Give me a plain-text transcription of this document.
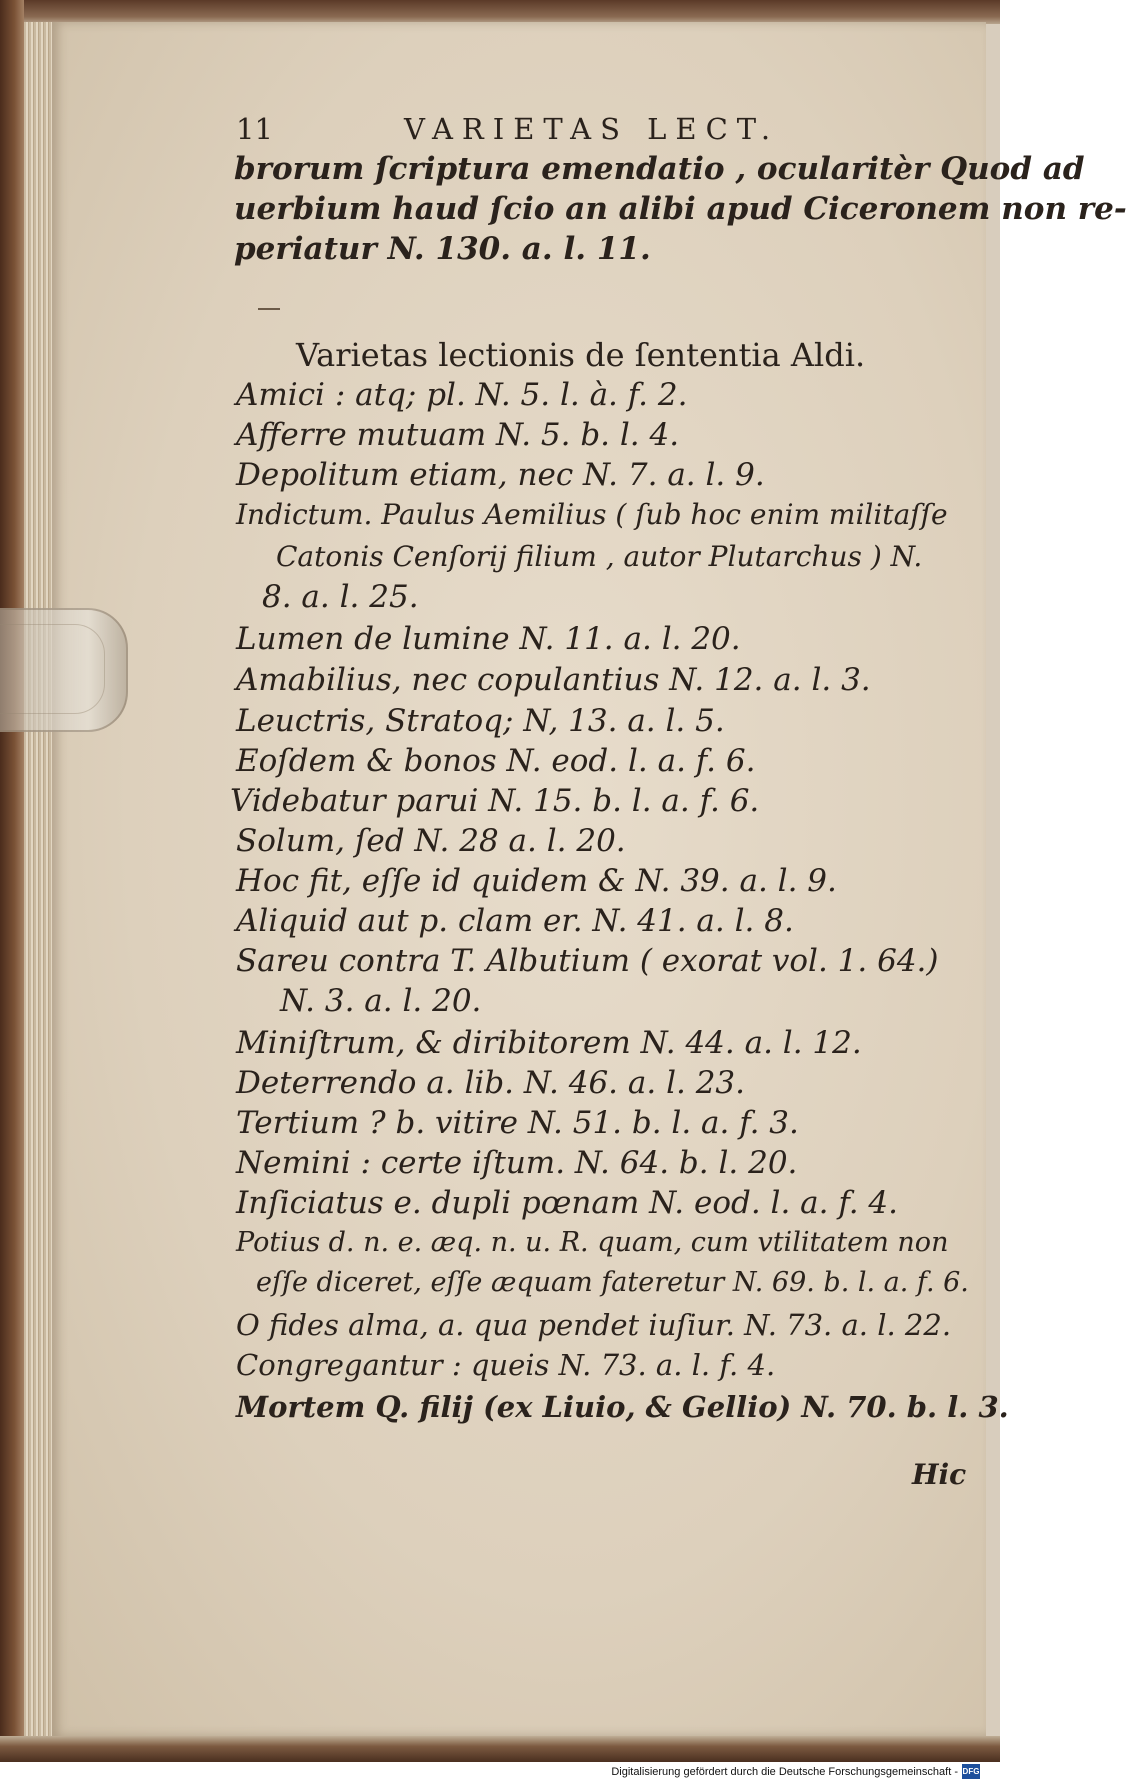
11	VARIETAS LECT.
brorum ſcriptura emendatio , ocularitèr Quod ad
uerbium haud ſcio an alibi apud Ciceronem non re-
periatur N. 130. a. l. 11.
Varietas lectionis de ſententia Aldi.
Amici : atq; pl. N. 5. l. à. f. 2.
Afferre mutuam N. 5. b. l. 4.
Depolitum etiam, nec N. 7. a. l. 9.
Indictum. Paulus Aemilius ( ſub hoc enim militaſſe
Catonis Cenſorij filium , autor Plutarchus ) N.
8. a. l. 25.
Lumen de lumine N. 11. a. l. 20.
Amabilius, nec copulantius N. 12. a. l. 3.
Leuctris, Stratoq; N, 13. a. l. 5.
Eoſdem & bonos N. eod. l. a. f. 6.
Videbatur parui N. 15. b. l. a. f. 6.
Solum, ſed N. 28 a. l. 20.
Hoc fit, eſſe id quidem & N. 39. a. l. 9.
Aliquid aut p. clam er. N. 41. a. l. 8.
Sareu contra T. Albutium ( exorat vol. 1. 64.)
N. 3. a. l. 20.
Miniſtrum, & diribitorem N. 44. a. l. 12.
Deterrendo a. lib. N. 46. a. l. 23.
Tertium ? b. vitire N. 51. b. l. a. f. 3.
Nemini : certe iſtum. N. 64. b. l. 20.
Inſiciatus e. dupli pœnam N. eod. l. a. f. 4.
Potius d. n. e. æq. n. u. R. quam, cum vtilitatem non
eſſe diceret, eſſe æquam fateretur N. 69. b. l. a. f. 6.
O fides alma, a. qua pendet iuſiur. N. 73. a. l. 22.
Congregantur : queis N. 73. a. l. f. 4.
Mortem Q. filij (ex Liuio, & Gellio) N. 70. b. l. 3.
Hic
Digitalisierung gefördert durch die Deutsche Forschungsgemeinschaft - DFG
